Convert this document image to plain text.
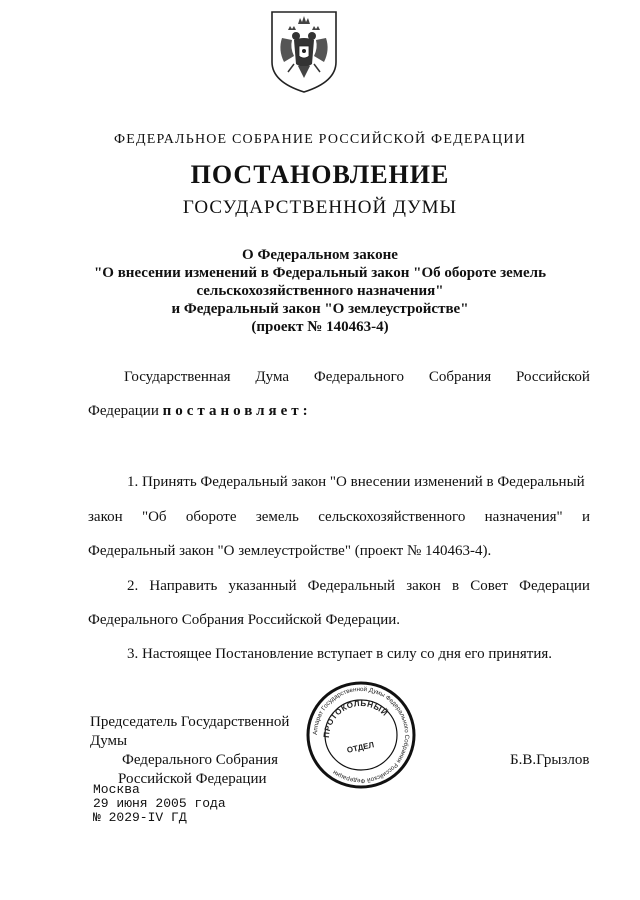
ФЕДЕРАЛЬНОЕ СОБРАНИЕ РОССИЙСКОЙ ФЕДЕРАЦИИ
ПОСТАНОВЛЕНИЕ
ГОСУДАРСТВЕННОЙ ДУМЫ
О Федеральном законе
"О внесении изменений в Федеральный закон "Об обороте земель
сельскохозяйственного назначения"
и Федеральный закон "О землеустройстве"
(проект № 140463-4)
Государственная Дума Федерального Собрания Российской
Федерации постановляет:
1. Принять Федеральный закон "О внесении изменений в Федеральный
закон "Об обороте земель сельскохозяйственного назначения" и
Федеральный закон "О землеустройстве" (проект № 140463-4).
2. Направить указанный Федеральный закон в Совет Федерации
Федерального Собрания Российской Федерации.
3. Настоящее Постановление вступает в силу со дня его принятия.
Председатель Государственной Думы
Федерального Собрания
Российской Федерации
Б.В.Грызлов
Аппарат Государственной Думы Федерального Собрания Российской Федерации
ПРОТОКОЛЬНЫЙ
ОТДЕЛ
Москва
29 июня 2005 года
№ 2029-IV ГД
